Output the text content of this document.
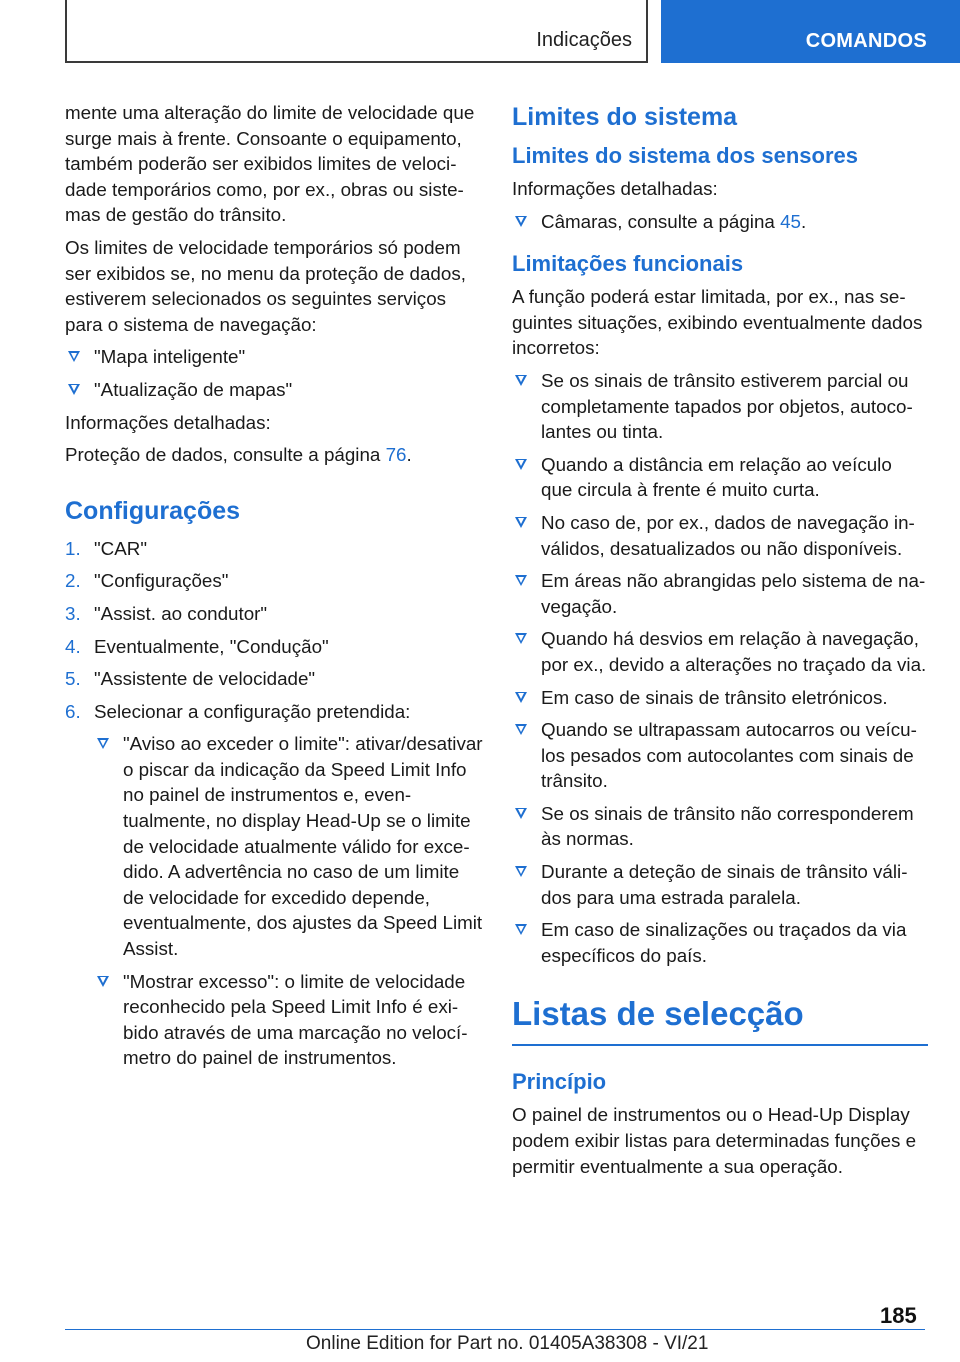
Indicações	COMANDOS

mente uma alteração do limite de velocidade que surge mais à frente. Consoante o equipamento, também poderão ser exibidos limites de velocidade temporários como, por ex., obras ou sistemas de gestão do trânsito.

Os limites de velocidade temporários só podem ser exibidos se, no menu da proteção de dados, estiverem selecionados os seguintes serviços para o sistema de navegação:

"Mapa inteligente"
"Atualização de mapas"

Informações detalhadas:

Proteção de dados, consulte a página 76.

Configurações
1. "CAR"
2. "Configurações"
3. "Assist. ao condutor"
4. Eventualmente, "Condução"
5. "Assistente de velocidade"
6. Selecionar a configuração pretendida:
"Aviso ao exceder o limite": ativar/desativar o piscar da indicação da Speed Limit Info no painel de instrumentos e, eventualmente, no display Head-Up se o limite de velocidade atualmente válido for excedido. A advertência no caso de um limite de velocidade for excedido depende, eventualmente, dos ajustes da Speed Limit Assist.
"Mostrar excesso": o limite de velocidade reconhecido pela Speed Limit Info é exibido através de uma marcação no velocímetro do painel de instrumentos.
Limites do sistema
Limites do sistema dos sensores

Informações detalhadas:

Câmaras, consulte a página 45.
Limitações funcionais

A função poderá estar limitada, por ex., nas seguintes situações, exibindo eventualmente dados incorretos:

Se os sinais de trânsito estiverem parcial ou completamente tapados por objetos, autocolantes ou tinta.
Quando a distância em relação ao veículo que circula à frente é muito curta.
No caso de, por ex., dados de navegação inválidos, desatualizados ou não disponíveis.
Em áreas não abrangidas pelo sistema de navegação.
Quando há desvios em relação à navegação, por ex., devido a alterações no traçado da via.
Em caso de sinais de trânsito eletrónicos.
Quando se ultrapassam autocarros ou veículos pesados com autocolantes com sinais de trânsito.
Se os sinais de trânsito não corresponderem às normas.
Durante a deteção de sinais de trânsito válidos para uma estrada paralela.
Em caso de sinalizações ou traçados da via específicos do país.
Listas de selecção
Princípio

O painel de instrumentos ou o Head-Up Display podem exibir listas para determinadas funções e permitir eventualmente a sua operação.

185
Online Edition for Part no. 01405A38308 - VI/21
